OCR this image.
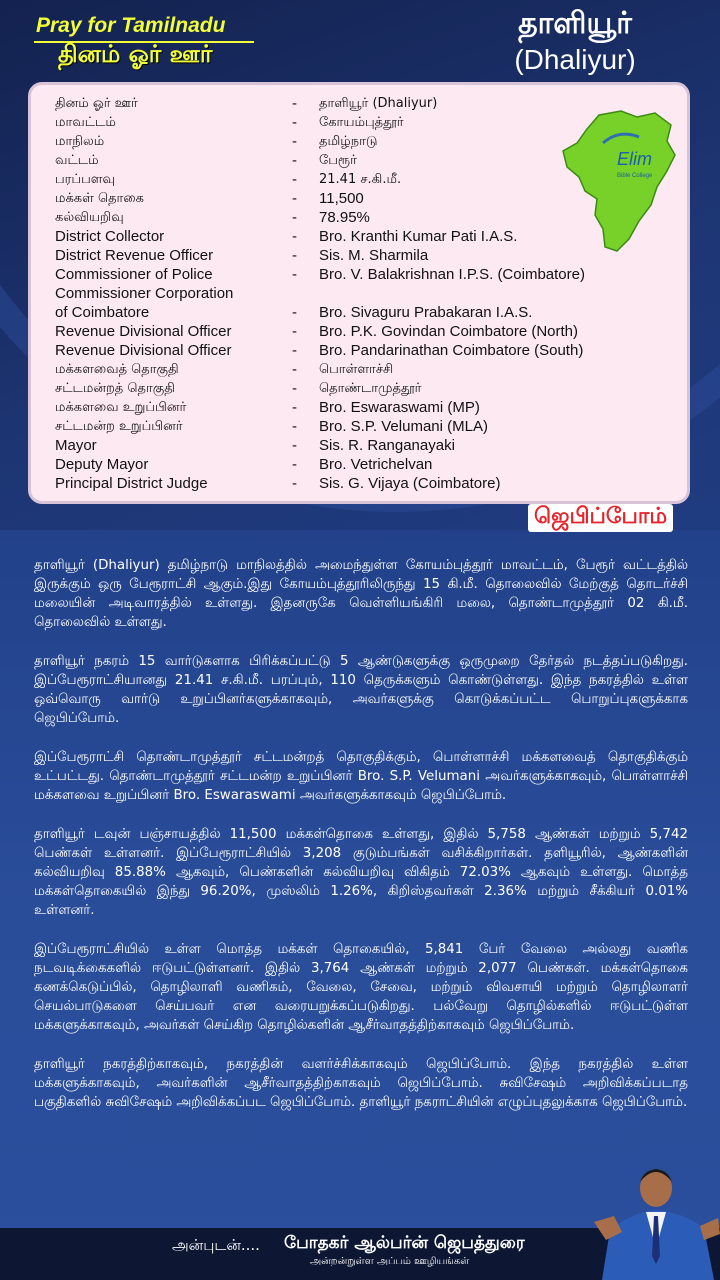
Pray for Tamilnadu
தினம் ஓர் ஊர்
தாளியூர்
(Dhaliyur)
தினம் ஓர் ஊர்	-	தாளியூர் (Dhaliyur)
மாவட்டம்	-	கோயம்புத்தூர்
மாநிலம்	-	தமிழ்நாடு
வட்டம்	-	பேரூர்
பரப்பளவு	-	21.41 ச.கி.மீ.
மக்கள் தொகை	-	11,500
கல்வியறிவு	-	78.95%
District Collector	-	Bro. Kranthi Kumar Pati I.A.S.
District Revenue Officer	-	Sis. M. Sharmila
Commissioner of Police	-	Bro. V. Balakrishnan I.P.S. (Coimbatore)
Commissioner Corporation
of Coimbatore	-	Bro. Sivaguru Prabakaran I.A.S.
Revenue Divisional Officer	-	Bro. P.K. Govindan Coimbatore (North)
Revenue Divisional Officer	-	Bro. Pandarinathan Coimbatore (South)
மக்களவைத் தொகுதி	-	பொள்ளாச்சி
சட்டமன்றத் தொகுதி	-	தொண்டாமுத்தூர்
மக்களவை உறுப்பினர்	-	Bro. Eswaraswami (MP)
சட்டமன்ற உறுப்பினர்	-	Bro. S.P. Velumani (MLA)
Mayor	-	Sis. R. Ranganayaki
Deputy Mayor	-	Bro. Vetrichelvan
Principal District Judge	-	Sis. G. Vijaya (Coimbatore)
Elim
Bible College
ஜெபிப்போம்

தாளியூர் (Dhaliyur) தமிழ்நாடு மாநிலத்தில் அமைந்துள்ள கோயம்புத்தூர் மாவட்டம், பேரூர் வட்டத்தில் இருக்கும் ஒரு பேரூராட்சி ஆகும்.இது கோயம்புத்தூரிலிருந்து 15 கி.மீ. தொலைவில் மேற்குத் தொடர்ச்சி மலையின் அடிவாரத்தில் உள்ளது. இதனருகே வெள்ளியங்கிரி மலை, தொண்டாமுத்தூர் 02 கி.மீ. தொலைவில் உள்ளது.

தாளியூர் நகரம் 15 வார்டுகளாக பிரிக்கப்பட்டு 5 ஆண்டுகளுக்கு ஒருமுறை தேர்தல் நடத்தப்படுகிறது. இப்பேரூராட்சியானது 21.41 ச.கி.மீ. பரப்பும், 110 தெருக்களும் கொண்டுள்ளது. இந்த நகரத்தில் உள்ள ஒவ்வொரு வார்டு உறுப்பினர்களுக்காகவும், அவர்களுக்கு கொடுக்கப்பட்ட பொறுப்புகளுக்காக ஜெபிப்போம்.

இப்பேரூராட்சி தொண்டாமுத்தூர் சட்டமன்றத் தொகுதிக்கும், பொள்ளாச்சி மக்களவைத் தொகுதிக்கும் உட்பட்டது. தொண்டாமுத்தூர் சட்டமன்ற உறுப்பினர் Bro. S.P. Velumani அவர்களுக்காகவும், பொள்ளாச்சி மக்களவை உறுப்பினர் Bro. Eswaraswami அவர்களுக்காகவும் ஜெபிப்போம்.

தாளியூர் டவுன் பஞ்சாயத்தில் 11,500 மக்கள்தொகை உள்ளது, இதில் 5,758 ஆண்கள் மற்றும் 5,742 பெண்கள் உள்ளனர். இப்பேரூராட்சியில் 3,208 குடும்பங்கள் வசிக்கிறார்கள். தளியூரில், ஆண்களின் கல்வியறிவு 85.88% ஆகவும், பெண்களின் கல்வியறிவு விகிதம் 72.03% ஆகவும் உள்ளது. மொத்த மக்கள்தொகையில் இந்து 96.20%, முஸ்லிம் 1.26%, கிறிஸ்தவர்கள் 2.36% மற்றும் சீக்கியர் 0.01% உள்ளனர்.

இப்பேரூராட்சியில் உள்ள மொத்த மக்கள் தொகையில், 5,841 பேர் வேலை அல்லது வணிக நடவடிக்கைகளில் ஈடுபட்டுள்ளனர். இதில் 3,764 ஆண்கள் மற்றும் 2,077 பெண்கள். மக்கள்தொகை கணக்கெடுப்பில், தொழிலாளி வணிகம், வேலை, சேவை, மற்றும் விவசாயி மற்றும் தொழிலாளர் செயல்பாடுகளை செய்பவர் என வரையறுக்கப்படுகிறது. பல்வேறு தொழில்களில் ஈடுபட்டுள்ள மக்களுக்காகவும், அவர்கள் செய்கிற தொழில்களின் ஆசீர்வாதத்திற்காகவும் ஜெபிப்போம்.

தாளியூர் நகரத்திற்காகவும், நகரத்தின் வளர்ச்சிக்காகவும் ஜெபிப்போம். இந்த நகரத்தில் உள்ள மக்களுக்காகவும், அவர்களின் ஆசீர்வாதத்திற்காகவும் ஜெபிப்போம். சுவிசேஷம் அறிவிக்கப்படாத பகுதிகளில் சுவிசேஷம் அறிவிக்கப்பட ஜெபிப்போம். தாளியூர் நகராட்சியின் எழுப்புதலுக்காக ஜெபிப்போம்.

அன்புடன்.... போதகர் ஆல்பர்ன் ஜெபத்துரை
அன்றன்றுள்ள அப்பம் ஊழியங்கள்
